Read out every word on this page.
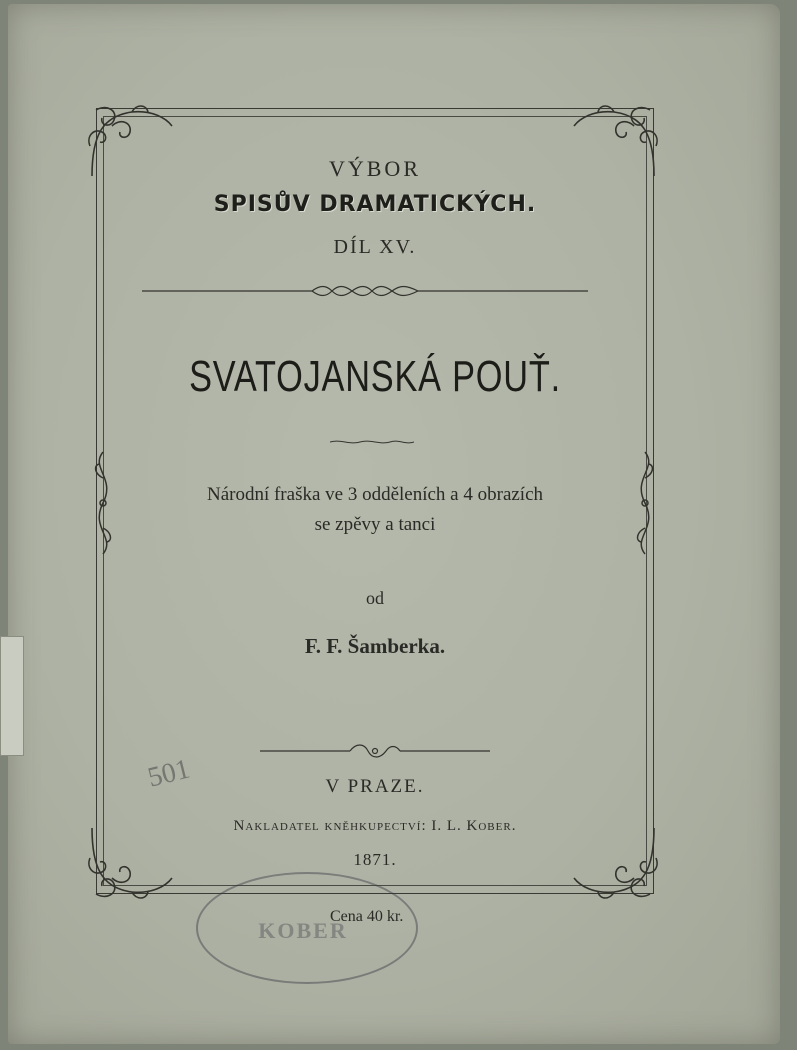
VÝBOR
SPISŮV DRAMATICKÝCH.
DÍL XV.
SVATOJANSKÁ POUŤ.
Národní fraška ve 3 odděleních a 4 obrazích
se zpěvy a tanci
od
F. F. Šamberka.
V PRAZE.
Nakladatel kněhkupectví: I. L. Kober.
1871.
KOBER
Cena 40 kr.
501
